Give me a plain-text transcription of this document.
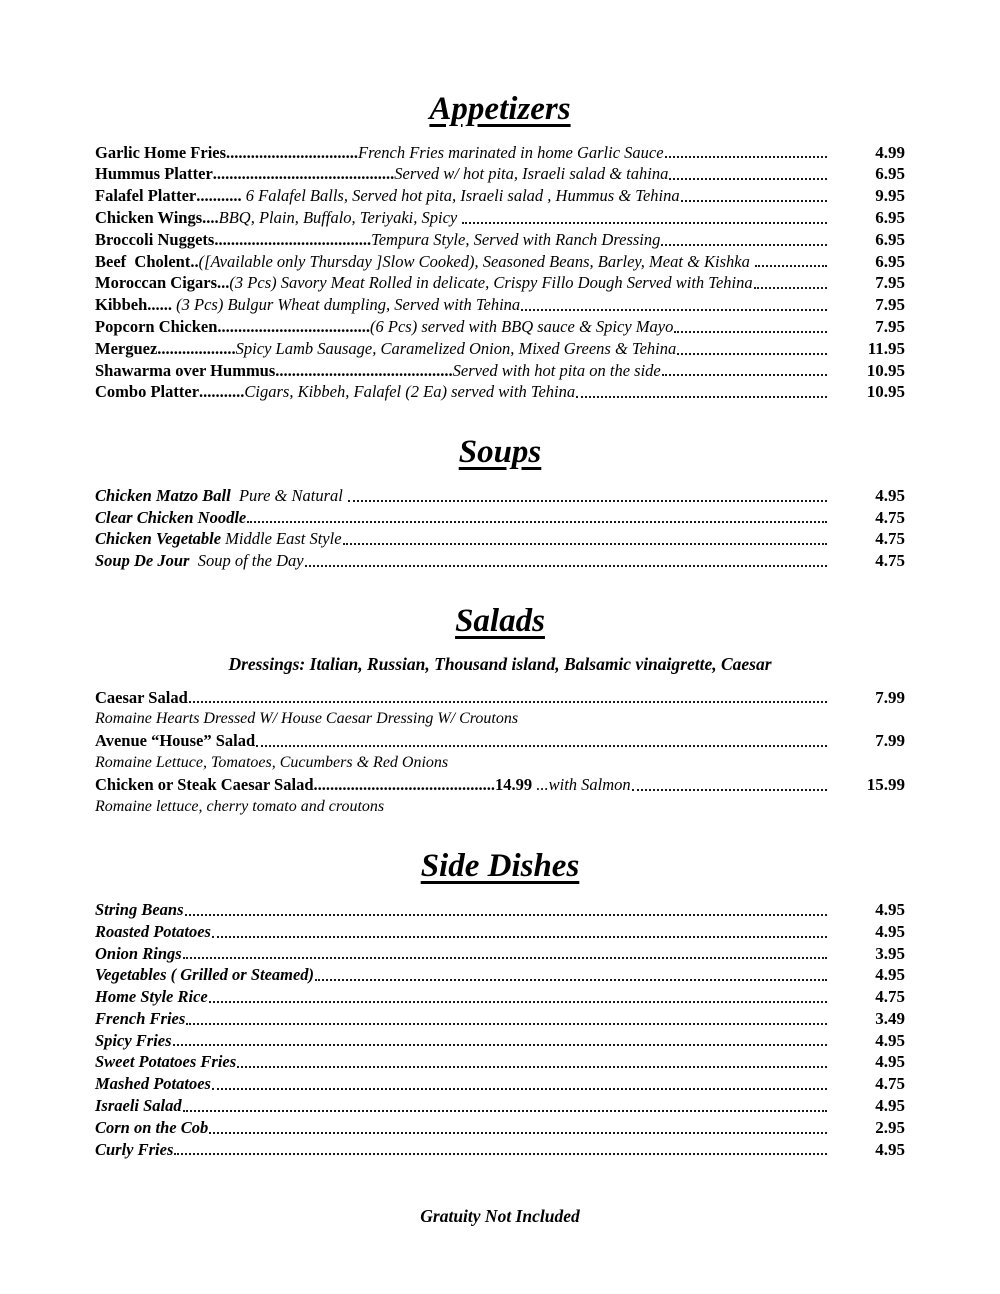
Appetizers
Garlic Home Fries ................................ French Fries marinated in home Garlic Sauce	4.99
Hummus Platter ............................................ Served w/ hot pita, Israeli salad & tahina	6.95
Falafel Platter ........... 6 Falafel Balls, Served hot pita, Israeli salad , Hummus & Tehina	9.95
Chicken Wings .... BBQ, Plain, Buffalo, Teriyaki, Spicy	6.95
Broccoli Nuggets ...................................... Tempura Style, Served with Ranch Dressing	6.95
Beef  Cholent .. ([Available only Thursday ]Slow Cooked), Seasoned Beans, Barley, Meat & Kishka	6.95
Moroccan Cigars ... (3 Pcs) Savory Meat Rolled in delicate, Crispy Fillo Dough Served with Tehina	7.95
Kibbeh ...... (3 Pcs) Bulgur Wheat dumpling, Served with Tehina	7.95
Popcorn Chicken ..................................... (6 Pcs) served with BBQ sauce & Spicy Mayo	7.95
Merguez ................... Spicy Lamb Sausage, Caramelized Onion, Mixed Greens & Tehina	11.95
Shawarma over Hummus ........................................... Served with hot pita on the side	10.95
Combo Platter ........... Cigars, Kibbeh, Falafel (2 Ea) served with Tehina	10.95
Soups
Chicken Matzo Ball Pure & Natural	4.95
Clear Chicken Noodle	4.75
Chicken Vegetable Middle East Style	4.75
Soup De Jour Soup of the Day	4.75
Salads
Dressings: Italian, Russian, Thousand island, Balsamic vinaigrette, Caesar
Caesar Salad	7.99
Romaine Hearts Dressed W/ House Caesar Dressing W/ Croutons
Avenue “House” Salad	7.99
Romaine Lettuce, Tomatoes, Cucumbers & Red Onions
Chicken or Steak Caesar Salad ............................................ 14.99 ...with Salmon	15.99
Romaine lettuce, cherry tomato and croutons
Side Dishes
String Beans	4.95
Roasted Potatoes	4.95
Onion Rings	3.95
Vegetables ( Grilled or Steamed)	4.95
Home Style Rice	4.75
French Fries	3.49
Spicy Fries	4.95
Sweet Potatoes Fries	4.95
Mashed Potatoes	4.75
Israeli Salad	4.95
Corn on the Cob	2.95
Curly Fries	4.95
Gratuity Not Included
